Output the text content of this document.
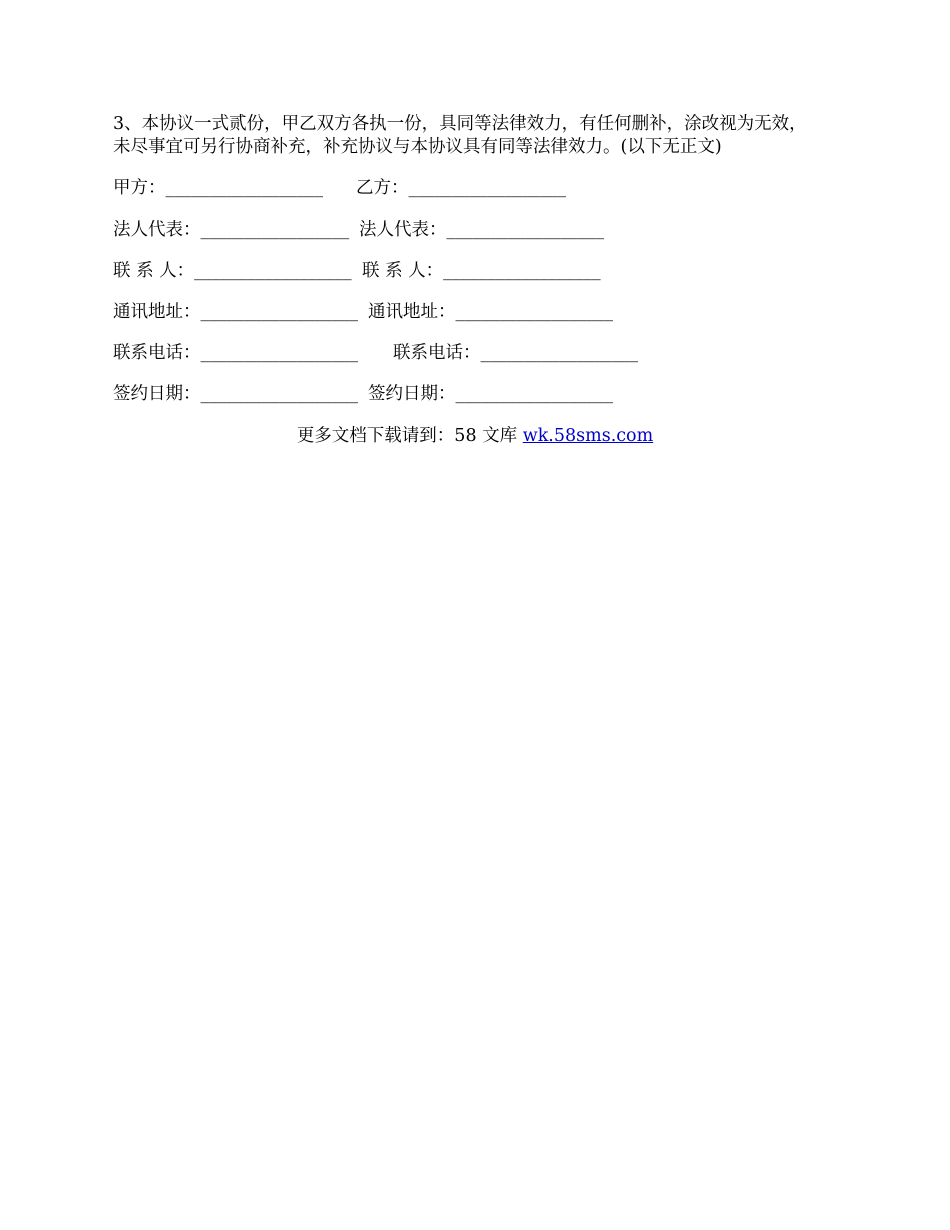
3、本协议一式贰份，甲乙双方各执一份，具同等法律效力，有任何删补，涂改视为无效，
未尽事宜可另行协商补充，补充协议与本协议具有同等法律效力。(以下无正文)
甲方：__________________ 乙方：__________________
法人代表：_________________ 法人代表：__________________
联 系 人：__________________ 联 系 人：__________________
通讯地址：__________________ 通讯地址：__________________
联系电话：__________________ 联系电话：__________________
签约日期：__________________ 签约日期：__________________
更多文档下载请到：58 文库 wk.58sms.com
